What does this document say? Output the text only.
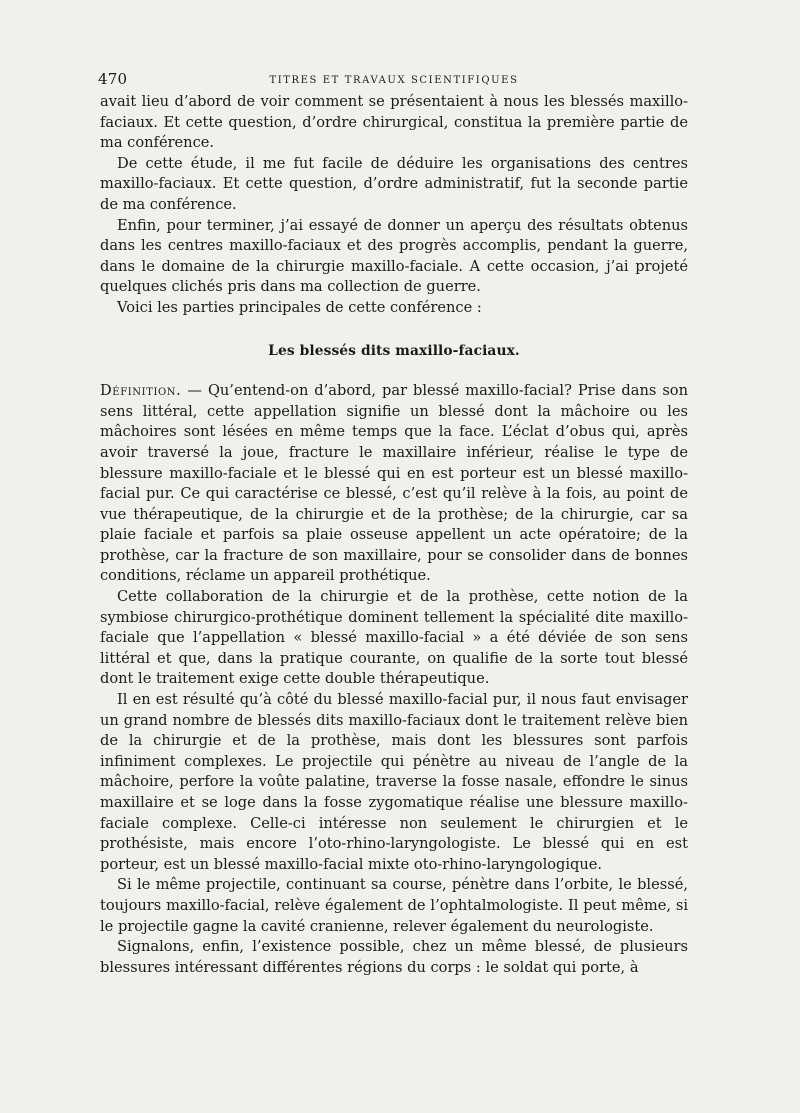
470	TITRES ET TRAVAUX SCIENTIFIQUES

avait lieu d’abord de voir comment se présentaient à nous les blessés maxillo-faciaux. Et cette question, d’ordre chirurgical, constitua la première partie de ma conférence.

De cette étude, il me fut facile de déduire les organisations des centres maxillo-faciaux. Et cette question, d’ordre administratif, fut la seconde partie de ma conférence.

Enfin, pour terminer, j’ai essayé de donner un aperçu des résultats obtenus dans les centres maxillo-faciaux et des progrès accomplis, pendant la guerre, dans le domaine de la chirurgie maxillo-faciale. A cette occasion, j’ai projeté quelques clichés pris dans ma collection de guerre.

Voici les parties principales de cette conférence :

Les blessés dits maxillo-faciaux.

Définition. — Qu’entend-on d’abord, par blessé maxillo-facial? Prise dans son sens littéral, cette appellation signifie un blessé dont la mâchoire ou les mâchoires sont lésées en même temps que la face. L’éclat d’obus qui, après avoir traversé la joue, fracture le maxillaire inférieur, réalise le type de blessure maxillo-faciale et le blessé qui en est porteur est un blessé maxillo-facial pur. Ce qui caractérise ce blessé, c’est qu’il relève à la fois, au point de vue thérapeutique, de la chirurgie et de la prothèse; de la chirurgie, car sa plaie faciale et parfois sa plaie osseuse appellent un acte opératoire; de la prothèse, car la fracture de son maxillaire, pour se consolider dans de bonnes conditions, réclame un appareil prothétique.

Cette collaboration de la chirurgie et de la prothèse, cette notion de la symbiose chirurgico-prothétique dominent tellement la spécialité dite maxillo-faciale que l’appellation « blessé maxillo-facial » a été déviée de son sens littéral et que, dans la pratique courante, on qualifie de la sorte tout blessé dont le traitement exige cette double thérapeutique.

Il en est résulté qu’à côté du blessé maxillo-facial pur, il nous faut envisager un grand nombre de blessés dits maxillo-faciaux dont le traitement relève bien de la chirurgie et de la prothèse, mais dont les blessures sont parfois infiniment complexes. Le projectile qui pénètre au niveau de l’angle de la mâchoire, perfore la voûte palatine, traverse la fosse nasale, effondre le sinus maxillaire et se loge dans la fosse zygomatique réalise une blessure maxillo-faciale complexe. Celle-ci intéresse non seulement le chirurgien et le prothésiste, mais encore l’oto-rhino-laryngologiste. Le blessé qui en est porteur, est un blessé maxillo-facial mixte oto-rhino-laryngologique.

Si le même projectile, continuant sa course, pénètre dans l’orbite, le blessé, toujours maxillo-facial, relève également de l’ophtalmologiste. Il peut même, si le projectile gagne la cavité cranienne, relever également du neurologiste.

Signalons, enfin, l’existence possible, chez un même blessé, de plusieurs blessures intéressant différentes régions du corps : le soldat qui porte, à
